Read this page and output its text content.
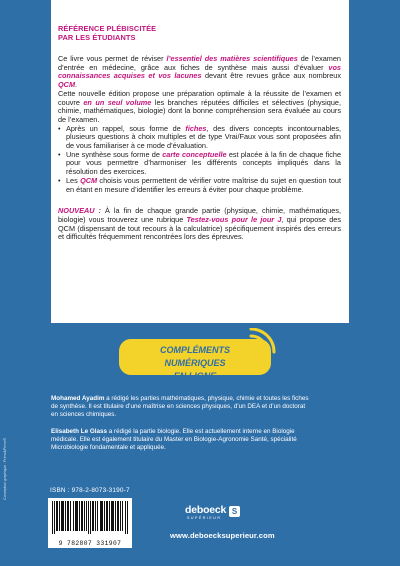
RÉFÉRENCE PLÉBISCITÉE
PAR LES ÉTUDIANTS

Ce livre vous permet de réviser l’essentiel des matières scientifiques de l’examen d’entrée en médecine, grâce aux fiches de synthèse mais aussi d’évaluer vos connaissances acquises et vos lacunes devant être revues grâce aux nombreux QCM.

Cette nouvelle édition propose une préparation optimale à la réussite de l’examen et couvre en un seul volume les branches réputées difficiles et sélectives (physique, chimie, mathématiques, biologie) dont la bonne compréhension sera évaluée au cours de l’examen.

• Après un rappel, sous forme de fiches, des divers concepts incontournables, plusieurs questions à choix multiples et de type Vrai/Faux vous sont proposées afin de vous familiariser à ce mode d’évaluation.
• Une synthèse sous forme de carte conceptuelle est placée à la fin de chaque fiche pour vous permettre d’harmoniser les différents concepts impliqués dans la résolution des exercices.
• Les QCM choisis vous permettent de vérifier votre maîtrise du sujet en question tout en étant en mesure d’identifier les erreurs à éviter pour chaque problème.

NOUVEAU : À la fin de chaque grande partie (physique, chimie, mathématiques, biologie) vous trouverez une rubrique Testez-vous pour le jour J, qui propose des QCM (dispensant de tout recours à la calculatrice) spécifiquement inspirés des erreurs et difficultés fréquemment rencontrées lors des épreuves.

COMPLÉMENTS NUMÉRIQUES
EN LIGNE

Mohamed Ayadim a rédigé les parties mathématiques, physique, chimie et toutes les fiches de synthèse. Il est titulaire d’une maîtrise en sciences physiques, d’un DEA et d’un doctorat en sciences chimiques.

Elisabeth Le Glass a rédigé la partie biologie. Elle est actuellement interne en Biologie médicale. Elle est également titulaire du Master en Biologie-Agronomie Santé, spécialité Microbiologie fondamentale et appliquée.

Conception graphique : Primo&Primo®	ISBN : 978-2-8073-3190-7
9 782807 331907
deboeck
SUPÉRIEUR
S
www.deboecksuperieur.com
